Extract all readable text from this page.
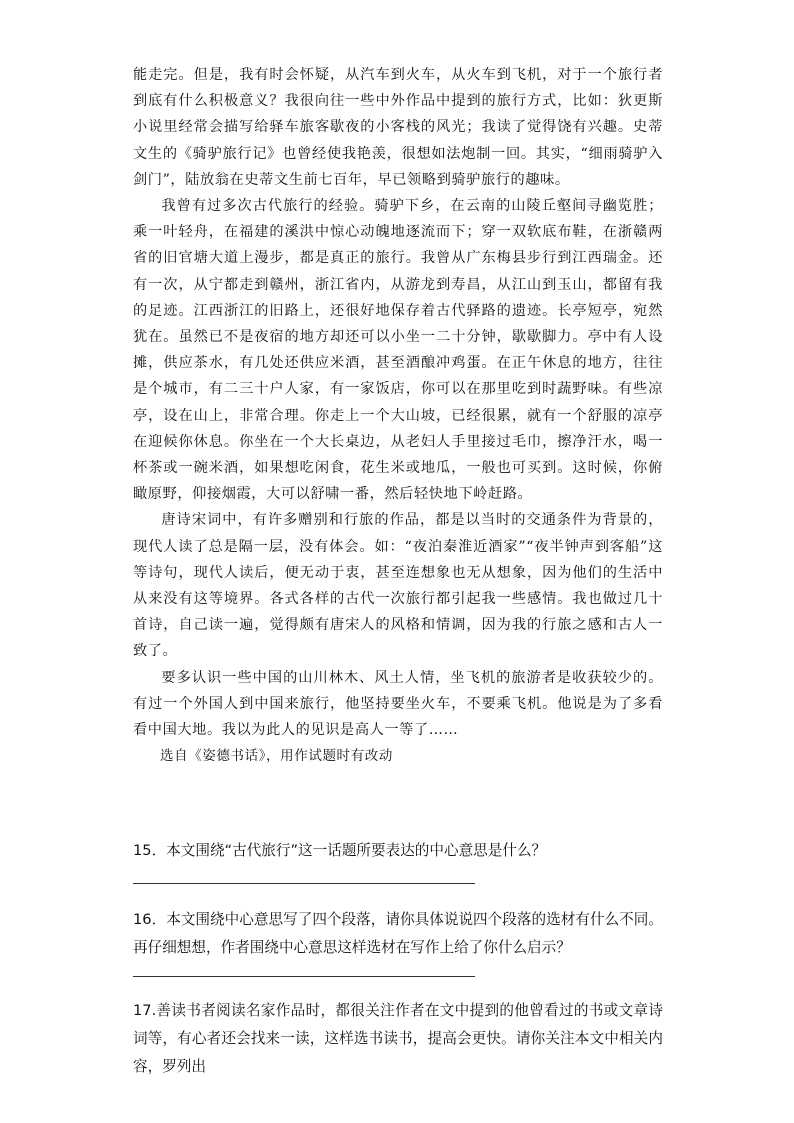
能走完。但是，我有时会怀疑，从汽车到火车，从火车到飞机，对于一个旅行者到底有什么积极意义？我很向往一些中外作品中提到的旅行方式，比如：狄更斯小说里经常会描写给驿车旅客歇夜的小客栈的风光；我读了觉得饶有兴趣。史蒂文生的《骑驴旅行记》也曾经使我艳羡，很想如法炮制一回。其实，“细雨骑驴入剑门”，陆放翁在史蒂文生前七百年，早已领略到骑驴旅行的趣味。

我曾有过多次古代旅行的经验。骑驴下乡，在云南的山陵丘壑间寻幽览胜；乘一叶轻舟，在福建的溪洪中惊心动魄地逐流而下；穿一双软底布鞋，在浙赣两省的旧官塘大道上漫步，都是真正的旅行。我曾从广东梅县步行到江西瑞金。还有一次，从宁都走到赣州，浙江省内，从游龙到寿昌，从江山到玉山，都留有我的足迹。江西浙江的旧路上，还很好地保存着古代驿路的遗迹。长亭短亭，宛然犹在。虽然已不是夜宿的地方却还可以小坐一二十分钟，歇歇脚力。亭中有人设摊，供应茶水，有几处还供应米酒，甚至酒酿冲鸡蛋。在正午休息的地方，往往是个城市，有二三十户人家，有一家饭店，你可以在那里吃到时蔬野味。有些凉亭，设在山上，非常合理。你走上一个大山坡，已经很累，就有一个舒服的凉亭在迎候你休息。你坐在一个大长桌边，从老妇人手里接过毛巾，擦净汗水，喝一杯茶或一碗米酒，如果想吃闲食，花生米或地瓜，一般也可买到。这时候，你俯瞰原野，仰接烟霞，大可以舒啸一番，然后轻快地下岭赶路。

唐诗宋词中，有许多赠别和行旅的作品，都是以当时的交通条件为背景的，现代人读了总是隔一层，没有体会。如：“夜泊秦淮近酒家”“夜半钟声到客船”这等诗句，现代人读后，便无动于衷，甚至连想象也无从想象，因为他们的生活中从来没有这等境界。各式各样的古代一次旅行都引起我一些感情。我也做过几十首诗，自己读一遍，觉得颇有唐宋人的风格和情调，因为我的行旅之感和古人一致了。

要多认识一些中国的山川林木、风土人情，坐飞机的旅游者是收获较少的。有过一个外国人到中国来旅行，他坚持要坐火车，不要乘飞机。他说是为了多看看中国大地。我以为此人的见识是高人一等了……

选自《姿德书话》，用作试题时有改动

15．本文围绕“古代旅行”这一话题所要表达的中心意思是什么？

16．本文围绕中心意思写了四个段落，请你具体说说四个段落的选材有什么不同。再仔细想想，作者围绕中心意思这样选材在写作上给了你什么启示？

17.善读书者阅读名家作品时，都很关注作者在文中提到的他曾看过的书或文章诗词等，有心者还会找来一读，这样选书读书，提高会更快。请你关注本文中相关内容，罗列出
